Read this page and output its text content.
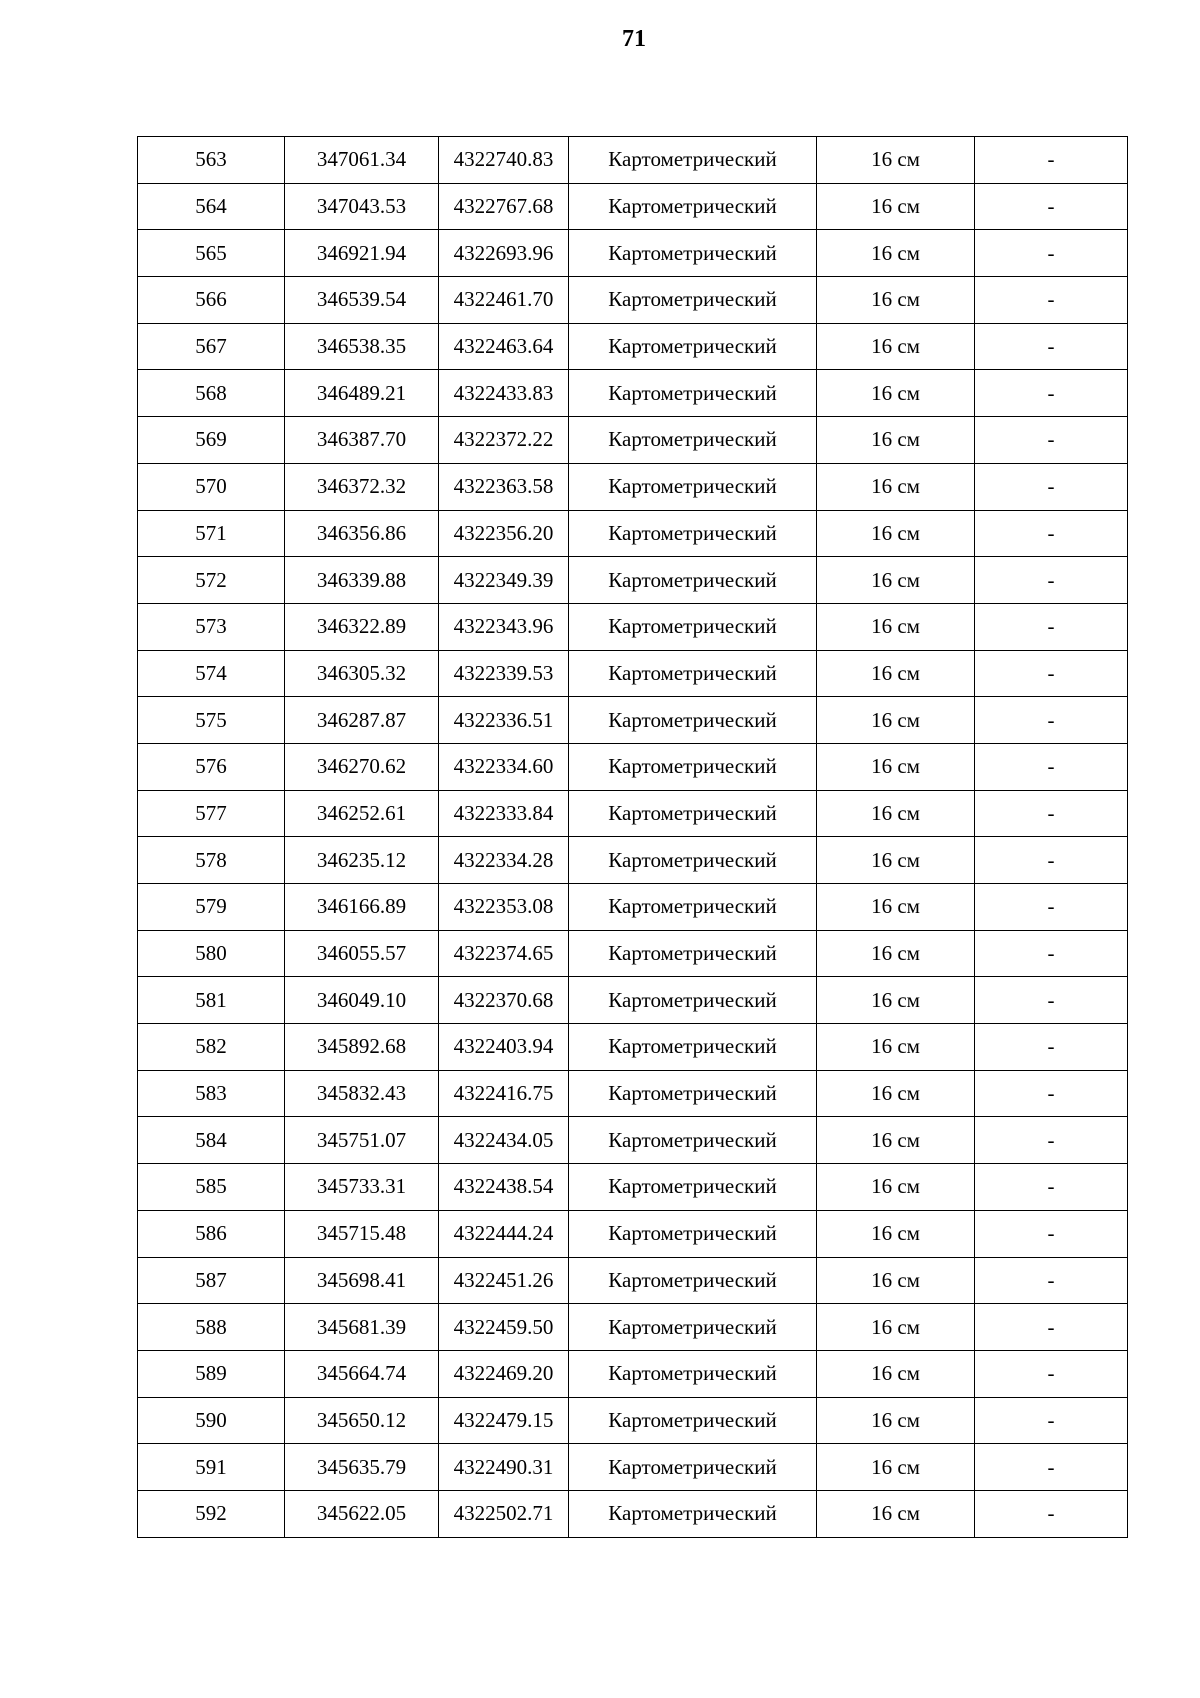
71
563	347061.34	4322740.83	Картометрический	16 см	-
564	347043.53	4322767.68	Картометрический	16 см	-
565	346921.94	4322693.96	Картометрический	16 см	-
566	346539.54	4322461.70	Картометрический	16 см	-
567	346538.35	4322463.64	Картометрический	16 см	-
568	346489.21	4322433.83	Картометрический	16 см	-
569	346387.70	4322372.22	Картометрический	16 см	-
570	346372.32	4322363.58	Картометрический	16 см	-
571	346356.86	4322356.20	Картометрический	16 см	-
572	346339.88	4322349.39	Картометрический	16 см	-
573	346322.89	4322343.96	Картометрический	16 см	-
574	346305.32	4322339.53	Картометрический	16 см	-
575	346287.87	4322336.51	Картометрический	16 см	-
576	346270.62	4322334.60	Картометрический	16 см	-
577	346252.61	4322333.84	Картометрический	16 см	-
578	346235.12	4322334.28	Картометрический	16 см	-
579	346166.89	4322353.08	Картометрический	16 см	-
580	346055.57	4322374.65	Картометрический	16 см	-
581	346049.10	4322370.68	Картометрический	16 см	-
582	345892.68	4322403.94	Картометрический	16 см	-
583	345832.43	4322416.75	Картометрический	16 см	-
584	345751.07	4322434.05	Картометрический	16 см	-
585	345733.31	4322438.54	Картометрический	16 см	-
586	345715.48	4322444.24	Картометрический	16 см	-
587	345698.41	4322451.26	Картометрический	16 см	-
588	345681.39	4322459.50	Картометрический	16 см	-
589	345664.74	4322469.20	Картометрический	16 см	-
590	345650.12	4322479.15	Картометрический	16 см	-
591	345635.79	4322490.31	Картометрический	16 см	-
592	345622.05	4322502.71	Картометрический	16 см	-
